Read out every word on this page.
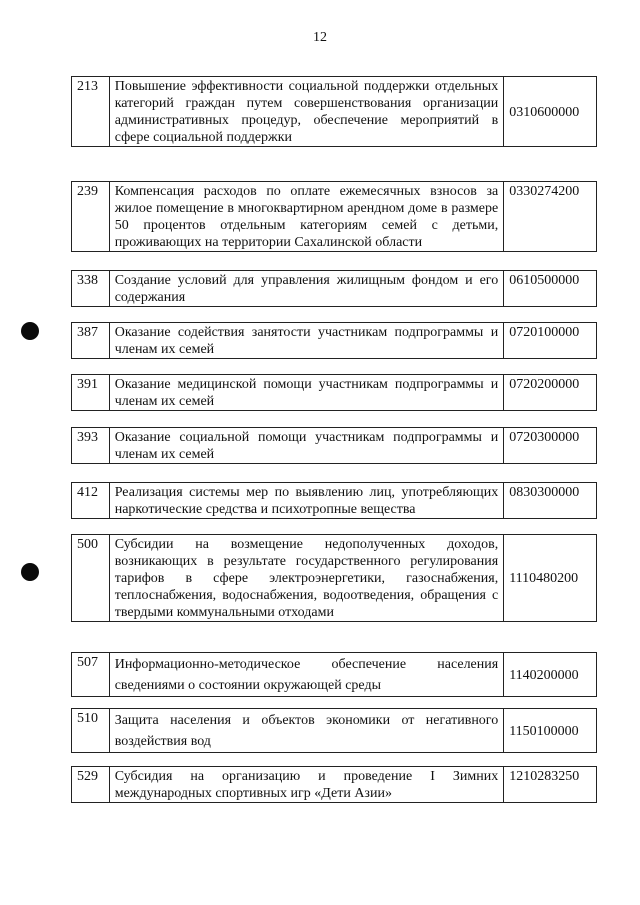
12
213	Повышение эффективности социальной поддержки отдельных категорий граждан путем совершенствования организации административных процедур, обеспечение мероприятий в сфере социальной поддержки	0310600000
239	Компенсация расходов по оплате ежемесячных взносов за жилое помещение в многоквартирном арендном доме в размере 50 процентов отдельным категориям семей с детьми, проживающих на территории Сахалинской области	0330274200
338	Создание условий для управления жилищным фондом и его содержания	0610500000
387	Оказание содействия занятости участникам подпрограммы и членам их семей	0720100000
391	Оказание медицинской помощи участникам подпрограммы и членам их семей	0720200000
393	Оказание социальной помощи участникам подпрограммы и членам их семей	0720300000
412	Реализация системы мер по выявлению лиц, употребляющих наркотические средства и психотропные вещества	0830300000
500	Субсидии на возмещение недополученных доходов, возникающих в результате государственного регулирования тарифов в сфере электроэнергетики, газоснабжения, теплоснабжения, водоснабжения, водоотведения, обращения с твердыми коммунальными отходами	1110480200
507	Информационно-методическое обеспечение населения сведениями о состоянии окружающей среды	1140200000
510	Защита населения и объектов экономики от негативного воздействия вод	1150100000
529	Субсидия на организацию и проведение I Зимних международных спортивных игр «Дети Азии»	1210283250
